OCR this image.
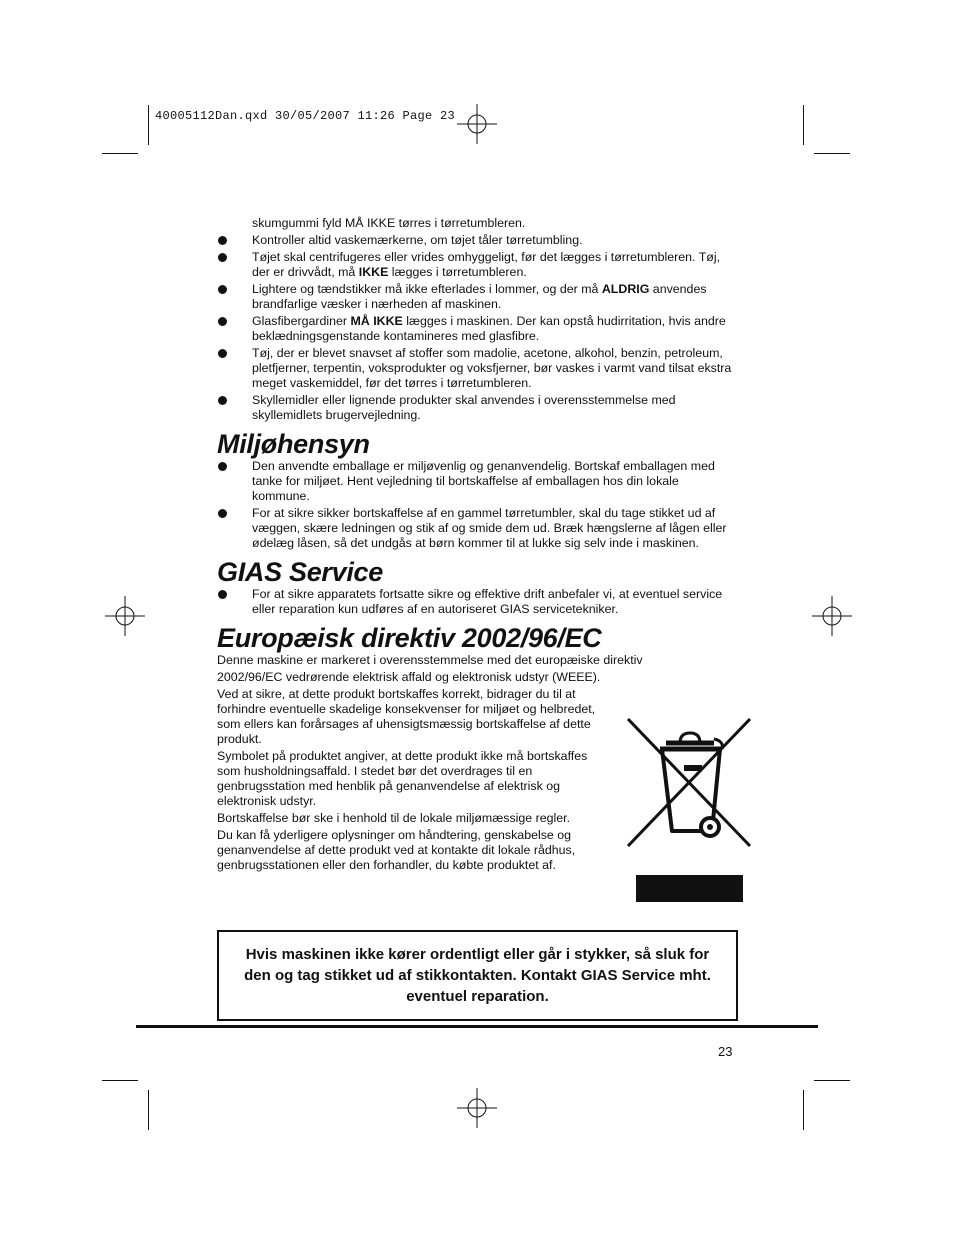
40005112Dan.qxd 30/05/2007 11:26 Page 23
skumgummi fyld MÅ IKKE tørres i tørretumbleren.
Kontroller altid vaskemærkerne, om tøjet tåler tørretumbling.
Tøjet skal centrifugeres eller vrides omhyggeligt, før det lægges i tørretumbleren. Tøj, der er drivvådt, må IKKE lægges i tørretumbleren.
Lightere og tændstikker må ikke efterlades i lommer, og der må ALDRIG anvendes brandfarlige væsker i nærheden af maskinen.
Glasfibergardiner MÅ IKKE lægges i maskinen. Der kan opstå hudirritation, hvis andre beklædningsgenstande kontamineres med glasfibre.
Tøj, der er blevet snavset af stoffer som madolie, acetone, alkohol, benzin, petroleum, pletfjerner, terpentin, voksprodukter og voksfjerner, bør vaskes i varmt vand tilsat ekstra meget vaskemiddel, før det tørres i tørretumbleren.
Skyllemidler eller lignende produkter skal anvendes i overensstemmelse med skyllemidlets brugervejledning.
Miljøhensyn
Den anvendte emballage er miljøvenlig og genanvendelig. Bortskaf emballagen med tanke for miljøet. Hent vejledning til bortskaffelse af emballagen hos din lokale kommune.
For at sikre sikker bortskaffelse af en gammel tørretumbler, skal du tage stikket ud af væggen, skære ledningen og stik af og smide dem ud. Bræk hængslerne af lågen eller ødelæg låsen, så det undgås at børn kommer til at lukke sig selv inde i maskinen.
GIAS Service
For at sikre apparatets fortsatte sikre og effektive drift anbefaler vi, at eventuel service eller reparation kun udføres af en autoriseret GIAS servicetekniker.
Europæisk direktiv 2002/96/EC

Denne maskine er markeret i overensstemmelse med det europæiske direktiv

2002/96/EC vedrørende elektrisk affald og elektronisk udstyr (WEEE).

Ved at sikre, at dette produkt bortskaffes korrekt, bidrager du til at forhindre eventuelle skadelige konsekvenser for miljøet og helbredet, som ellers kan forårsages af uhensigtsmæssig bortskaffelse af dette produkt.

Symbolet på produktet angiver, at dette produkt ikke må bortskaffes som husholdningsaffald. I stedet bør det overdrages til en genbrugsstation med henblik på genanvendelse af elektrisk og elektronisk udstyr.

Bortskaffelse bør ske i henhold til de lokale miljømæssige regler.

Du kan få yderligere oplysninger om håndtering, genskabelse og genanvendelse af dette produkt ved at kontakte dit lokale rådhus, genbrugsstationen eller den forhandler, du købte produktet af.

Hvis maskinen ikke kører ordentligt eller går i stykker, så sluk for den og tag stikket ud af stikkontakten. Kontakt GIAS Service mht. eventuel reparation.

23
